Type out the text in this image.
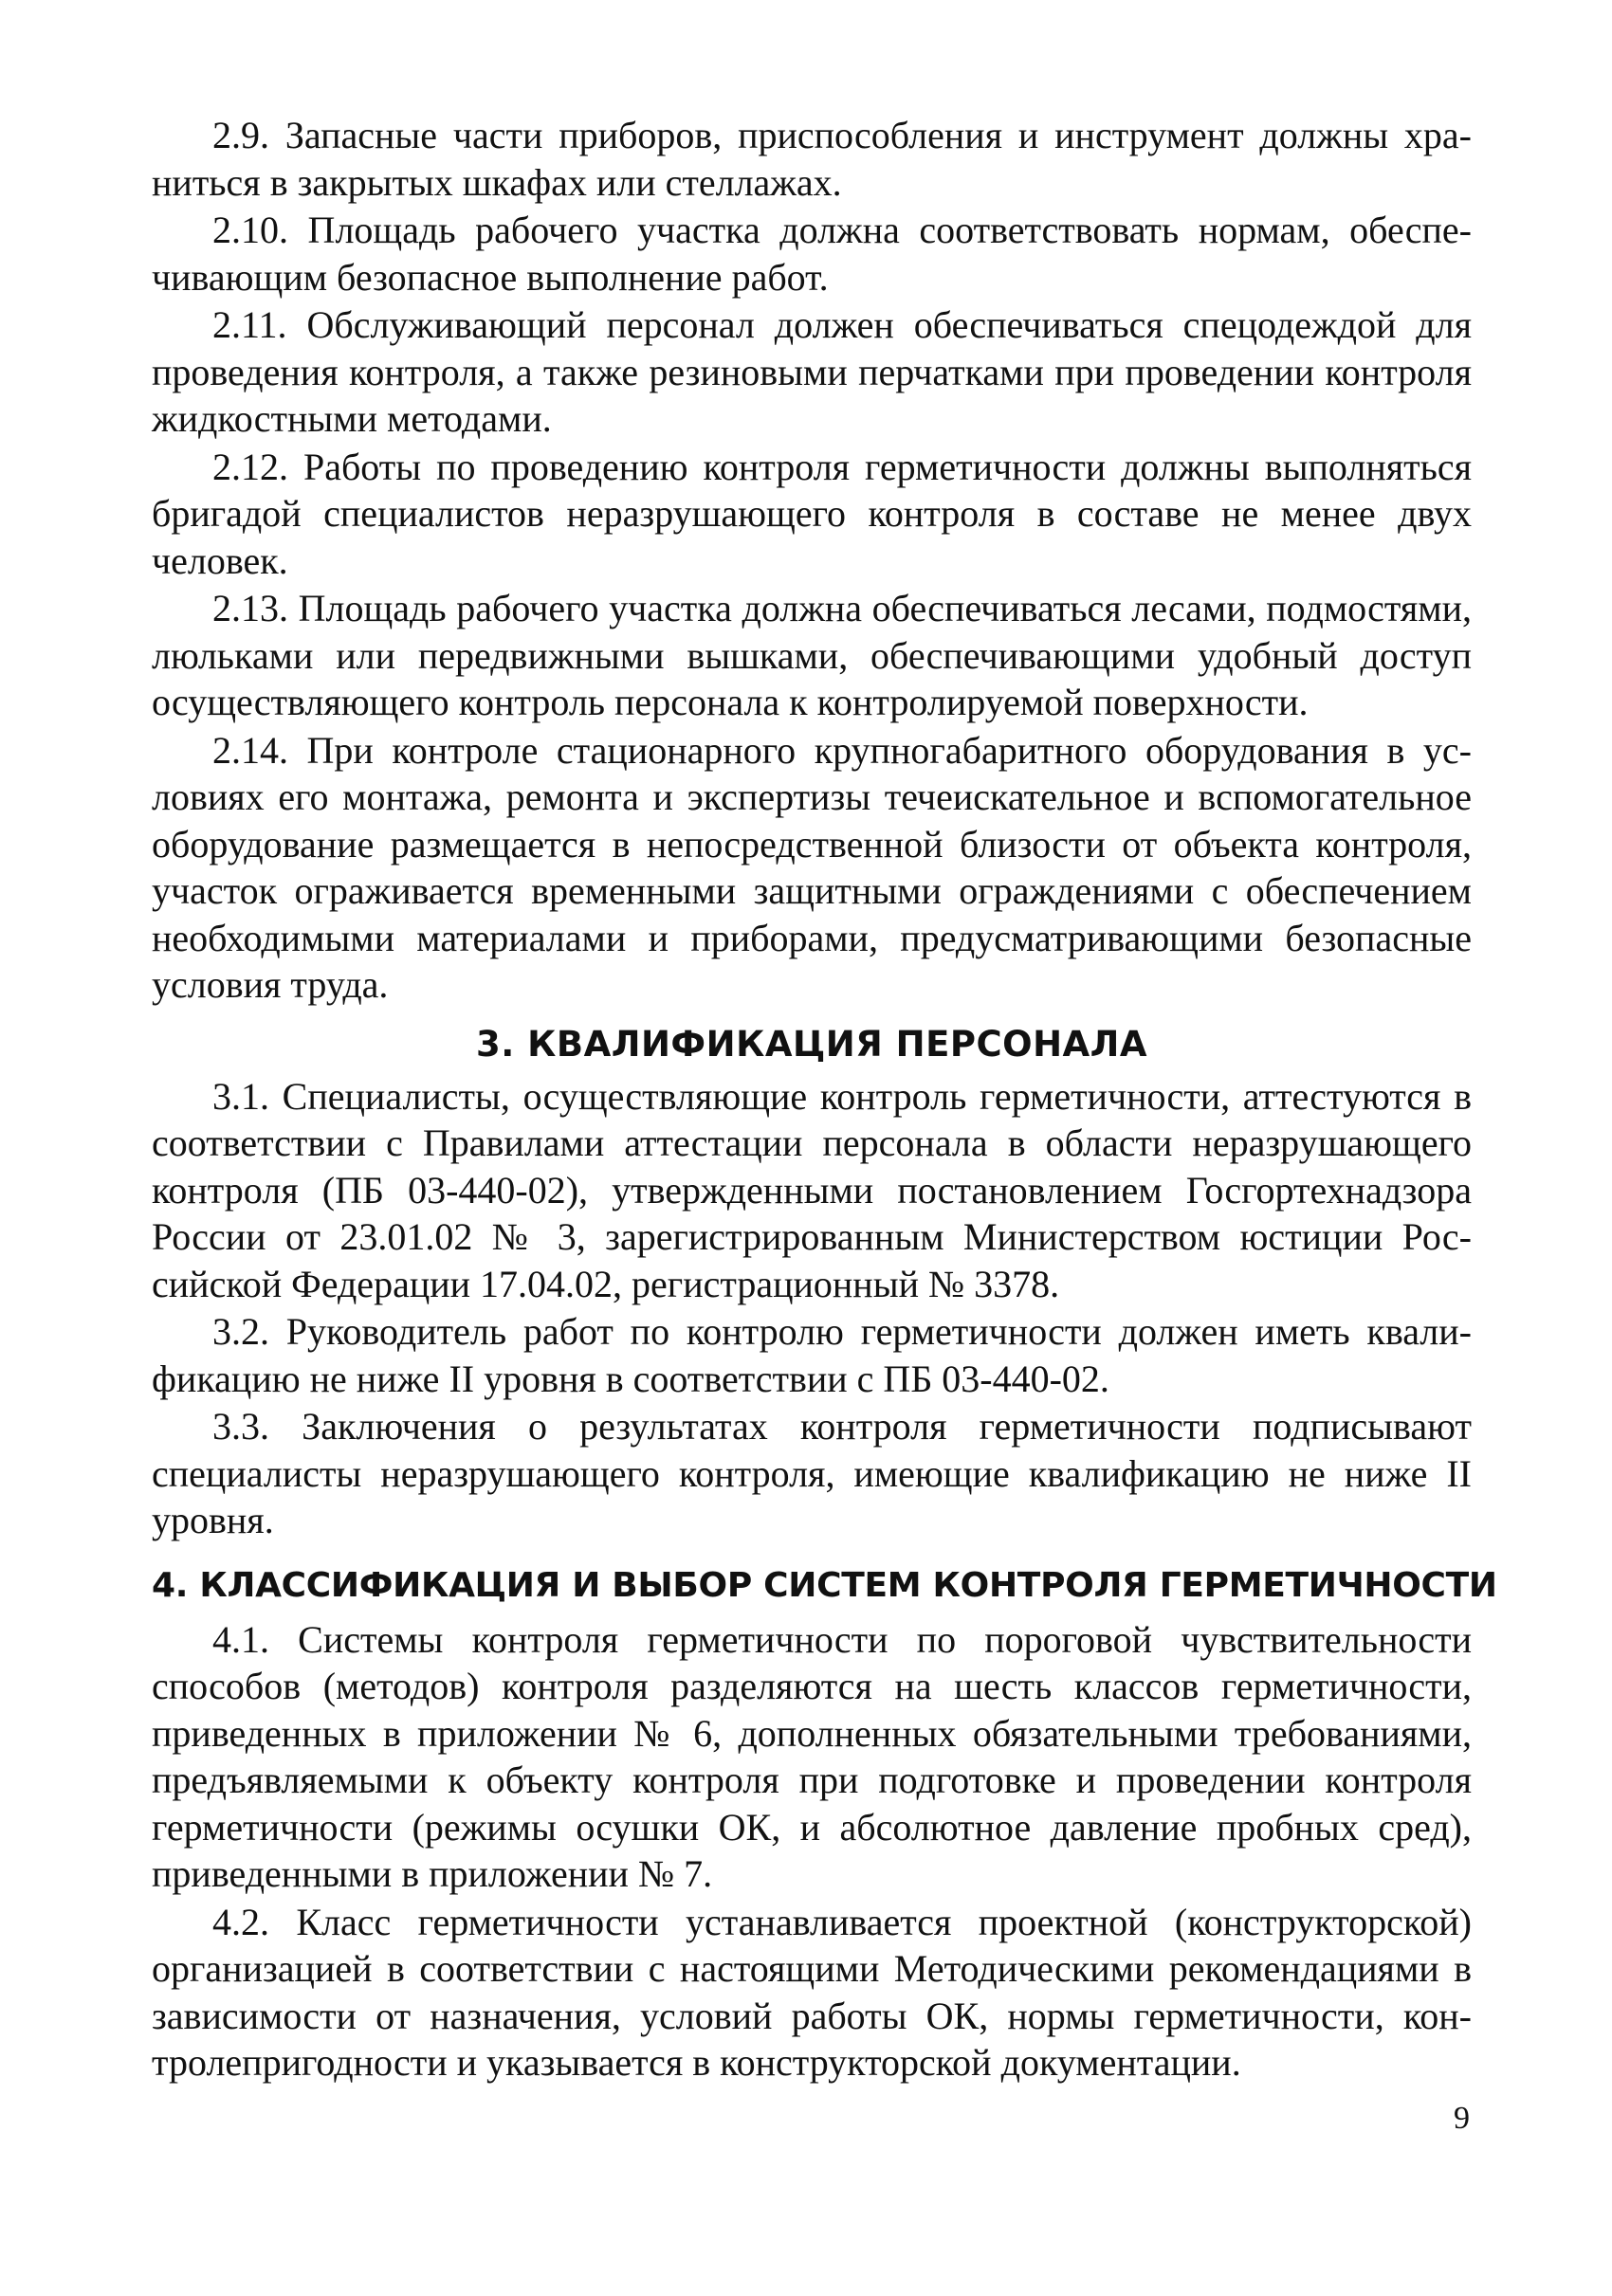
2.9. Запасные части приборов, приспособления и инструмент должны храниться в закрытых шкафах или стеллажах.

2.10. Площадь рабочего участка должна соответствовать нормам, обеспечивающим безопасное выполнение работ.

2.11. Обслуживающий персонал должен обеспечиваться спецодеждой для проведения контроля, а также резиновыми перчатками при проведении контроля жидкостными методами.

2.12. Работы по проведению контроля герметичности должны выполняться бригадой специалистов неразрушающего контроля в составе не менее двух человек.

2.13. Площадь рабочего участка должна обеспечиваться лесами, подмостями, люльками или передвижными вышками, обеспечивающими удобный доступ осуществляющего контроль персонала к контролируемой поверхности.

2.14. При контроле стационарного крупногабаритного оборудования в условиях его монтажа, ремонта и экспертизы течеискательное и вспомогательное оборудование размещается в непосредственной близости от объекта контроля, участок ограживается временными защитными ограждениями с обеспечением необходимыми материалами и приборами, предусматривающими безопасные условия труда.

3. КВАЛИФИКАЦИЯ ПЕРСОНАЛА

3.1. Специалисты, осуществляющие контроль герметичности, аттестуются в соответствии с Правилами аттестации персонала в области неразрушающего контроля (ПБ 03-440-02), утвержденными постановлением Госгортехнадзора России от 23.01.02 № 3, зарегистрированным Министерством юстиции Российской Федерации 17.04.02, регистрационный № 3378.

3.2. Руководитель работ по контролю герметичности должен иметь квалификацию не ниже II уровня в соответствии с ПБ 03-440-02.

3.3. Заключения о результатах контроля герметичности подписывают специалисты неразрушающего контроля, имеющие квалификацию не ниже II уровня.

4. КЛАССИФИКАЦИЯ И ВЫБОР СИСТЕМ КОНТРОЛЯ ГЕРМЕТИЧНОСТИ

4.1. Системы контроля герметичности по пороговой чувствительности способов (методов) контроля разделяются на шесть классов герметичности, приведенных в приложении № 6, дополненных обязательными требованиями, предъявляемыми к объекту контроля при подготовке и проведении контроля герметичности (режимы осушки ОК, и абсолютное давление пробных сред), приведенными в приложении № 7.

4.2. Класс герметичности устанавливается проектной (конструкторской) организацией в соответствии с настоящими Методическими рекомендациями в зависимости от назначения, условий работы ОК, нормы герметичности, контролепригодности и указывается в конструкторской документации.

9
